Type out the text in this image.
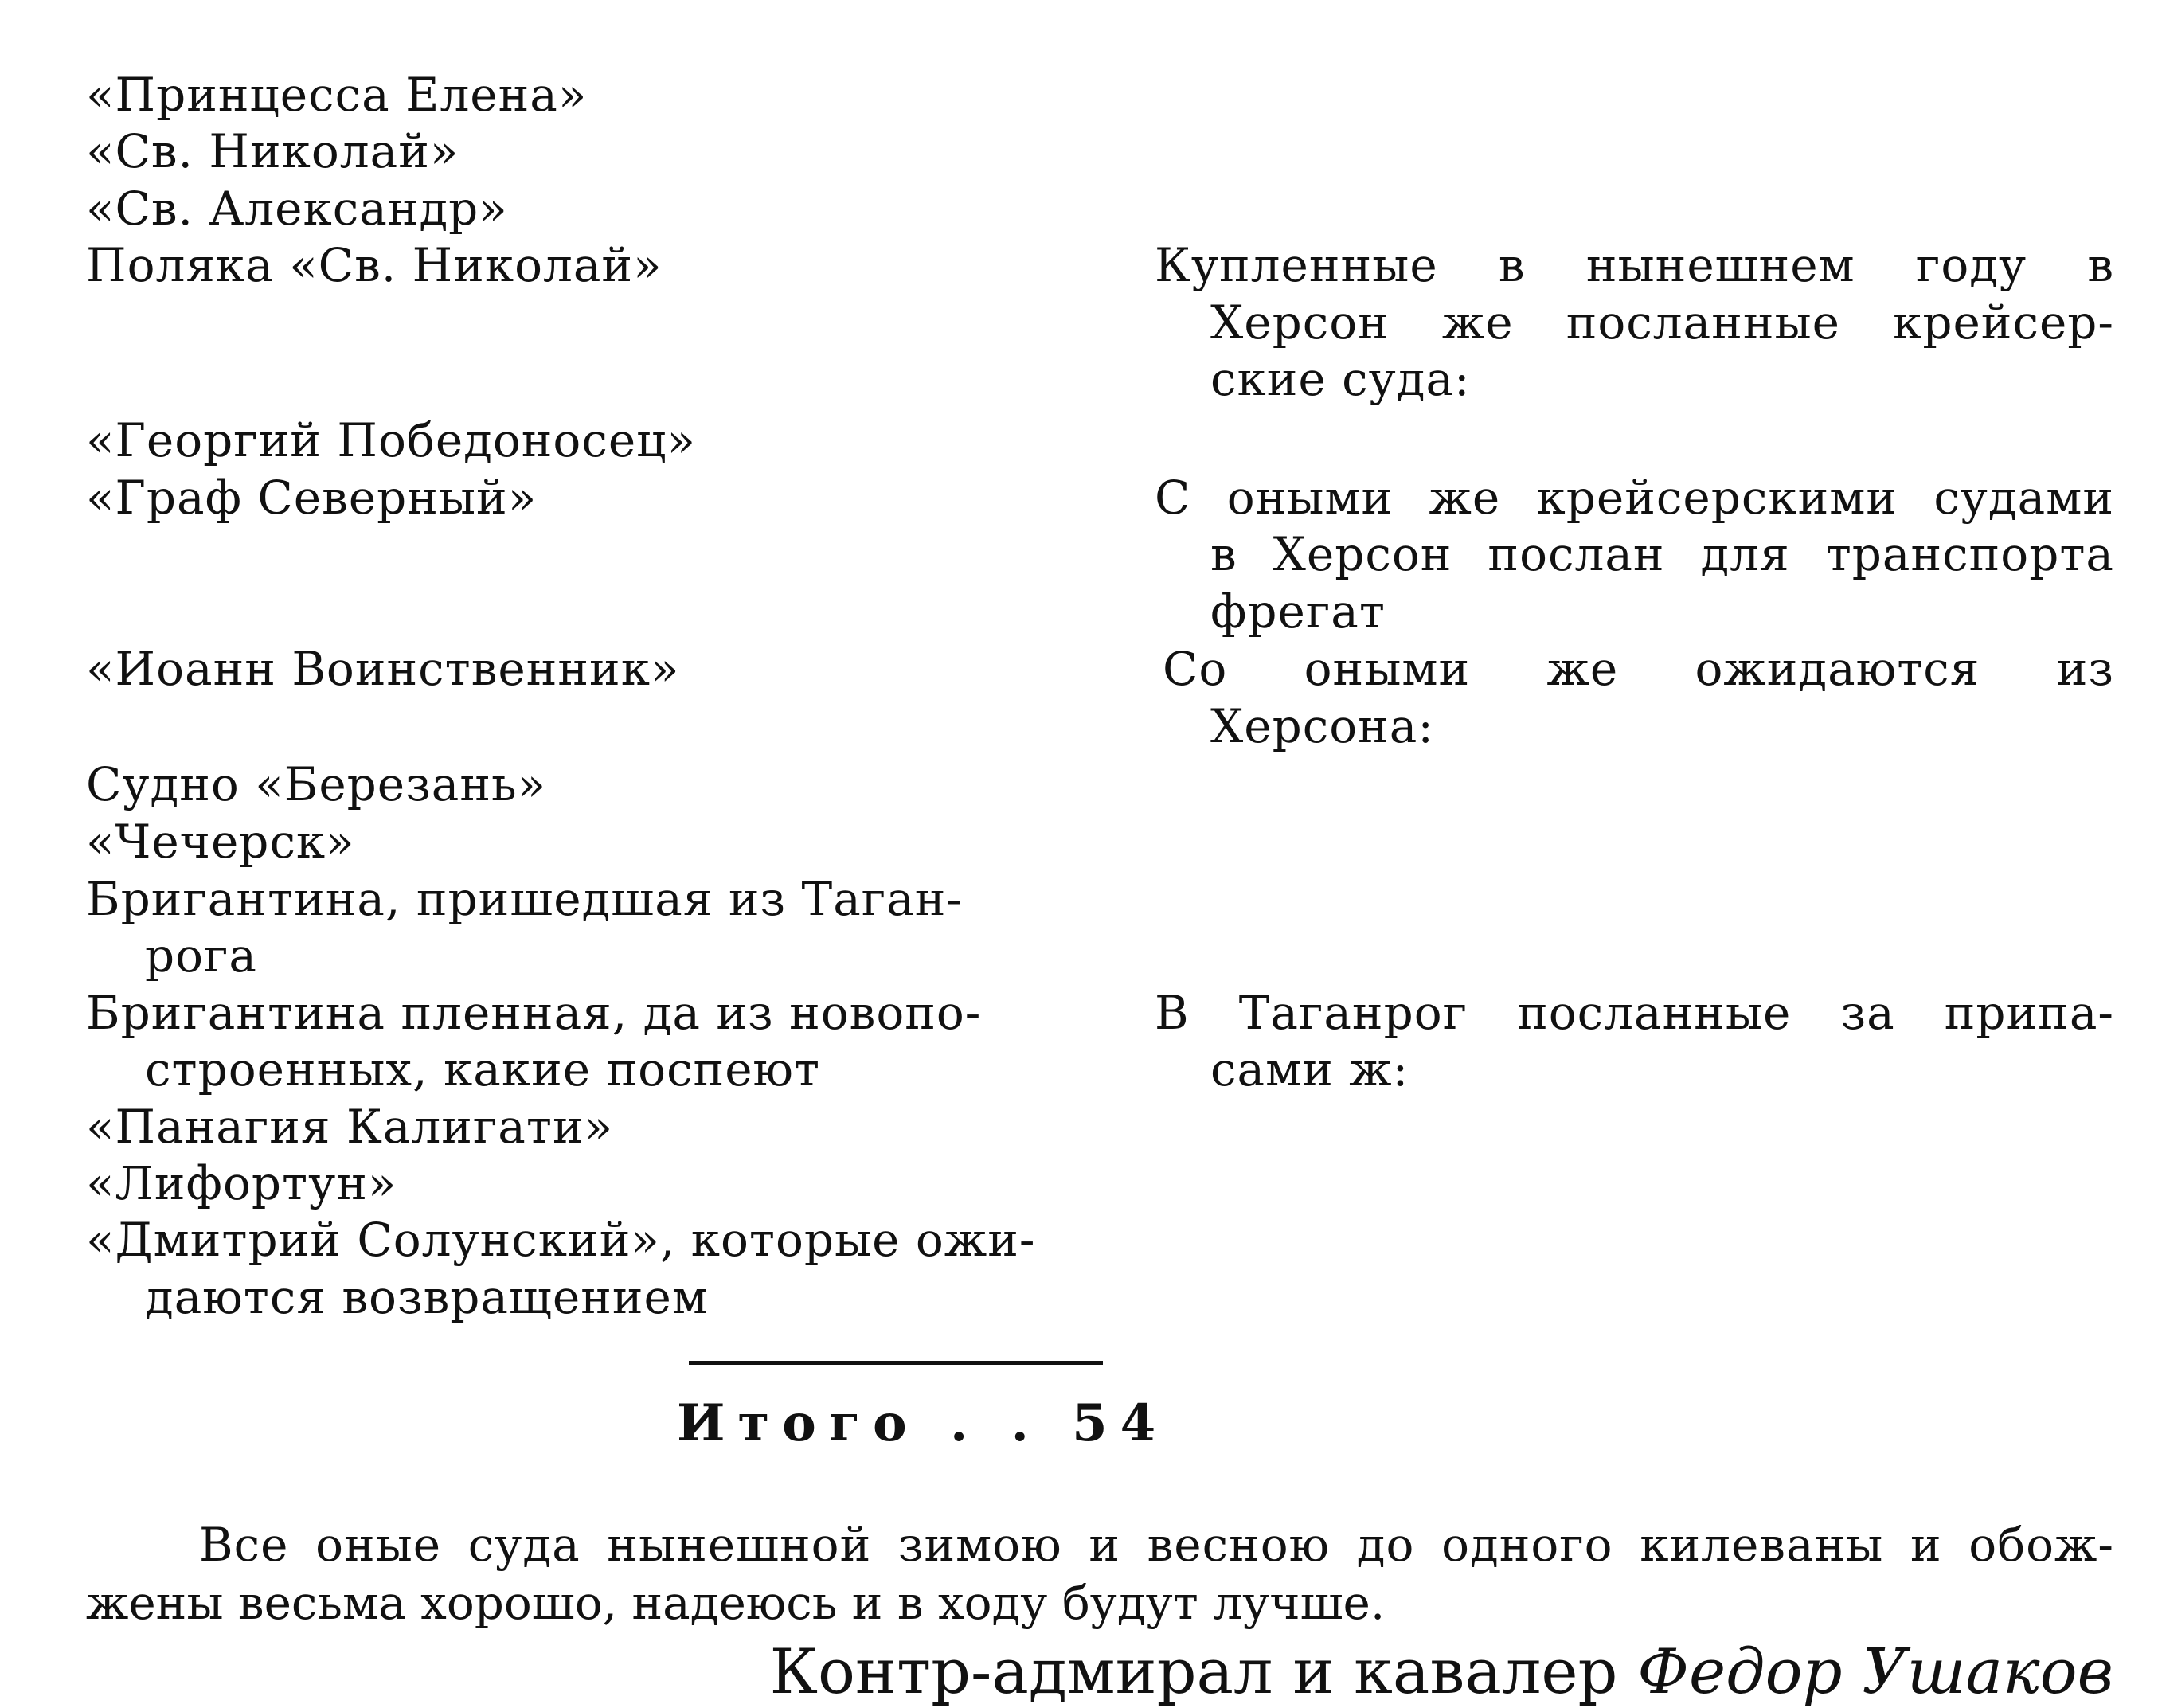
«Принцесса Елена»
«Св. Николай»
«Св. Александр»
Поляка «Св. Николай»
«Георгий Победоносец»
«Граф Северный»
«Иоанн Воинственник»
Судно «Березань»
«Чечерск»
Бригантина, пришедшая из Таган-
рога
Бригантина пленная, да из новопо-
строенных, какие поспеют
«Панагия Калигати»
«Лифортун»
«Дмитрий Солунский», которые ожи-
даются возвращением
Купленные в нынешнем году в
Херсон же посланные крейсер-
ские суда:
С оными же крейсерскими судами
в Херсон послан для транспорта
фрегат
Со оными же ожидаются из
Херсона:
В Таганрог посланные за припа-
сами ж:
Итого . . 54
Все оные суда нынешной зимою и весною до одного килеваны и обож-
жены весьма хорошо, надеюсь и в ходу будут лучше.
Контр-адмирал и кавалер Федор Ушаков
